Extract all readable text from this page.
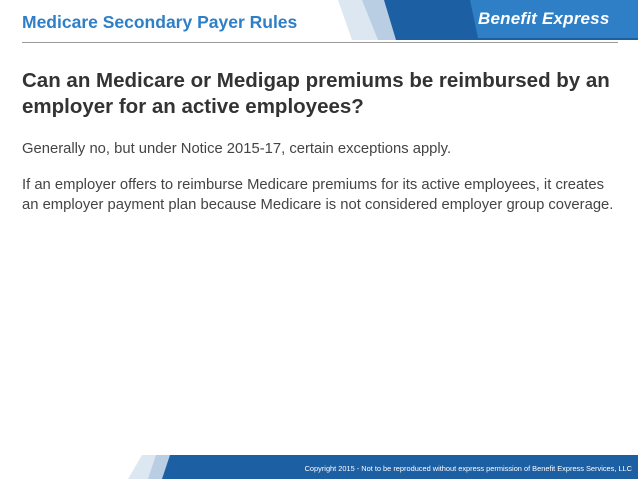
Medicare Secondary Payer Rules	Benefit Express
Can an Medicare or Medigap premiums be reimbursed by an employer for an active employees?

Generally no, but under Notice 2015-17, certain exceptions apply.

If an employer offers to reimburse Medicare premiums for its active employees, it creates an employer payment plan because Medicare is not considered employer group coverage.

Copyright 2015 - Not to be reproduced without express permission of Benefit Express Services, LLC
